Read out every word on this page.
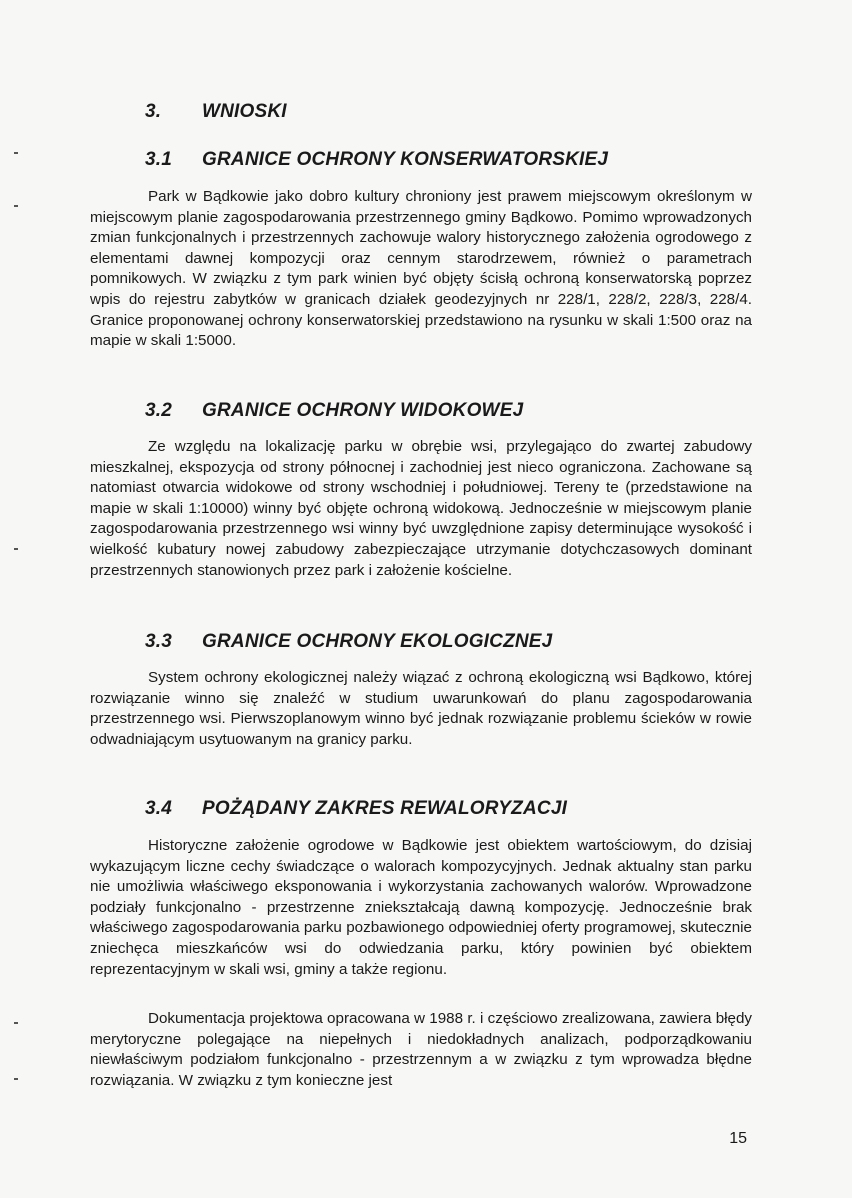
3. WNIOSKI
3.1 GRANICE OCHRONY KONSERWATORSKIEJ
Park w Bądkowie jako dobro kultury chroniony jest prawem miejscowym określonym w miejscowym planie zagospodarowania przestrzennego gminy Bądkowo. Pomimo wprowadzonych zmian funkcjonalnych i przestrzennych zachowuje walory historycznego założenia ogrodowego z elementami dawnej kompozycji oraz cennym starodrzewem, również o parametrach pomnikowych. W związku z tym park winien być objęty ścisłą ochroną konserwatorską poprzez wpis do rejestru zabytków w granicach działek geodezyjnych nr 228/1, 228/2, 228/3, 228/4. Granice proponowanej ochrony konserwatorskiej przedstawiono na rysunku w skali 1:500 oraz na mapie w skali 1:5000.
3.2 GRANICE OCHRONY WIDOKOWEJ
Ze względu na lokalizację parku w obrębie wsi, przylegająco do zwartej zabudowy mieszkalnej, ekspozycja od strony północnej i zachodniej jest nieco ograniczona. Zachowane są natomiast otwarcia widokowe od strony wschodniej i południowej. Tereny te (przedstawione na mapie w skali 1:10000) winny być objęte ochroną widokową. Jednocześnie w miejscowym planie zagospodarowania przestrzennego wsi winny być uwzględnione zapisy determinujące wysokość i wielkość kubatury nowej zabudowy zabezpieczające utrzymanie dotychczasowych dominant przestrzennych stanowionych przez park i założenie kościelne.
3.3 GRANICE OCHRONY EKOLOGICZNEJ
System ochrony ekologicznej należy wiązać z ochroną ekologiczną wsi Bądkowo, której rozwiązanie winno się znaleźć w studium uwarunkowań do planu zagospodarowania przestrzennego wsi. Pierwszoplanowym winno być jednak rozwiązanie problemu ścieków w rowie odwadniającym usytuowanym na granicy parku.
3.4 POŻĄDANY ZAKRES REWALORYZACJI
Historyczne założenie ogrodowe w Bądkowie jest obiektem wartościowym, do dzisiaj wykazującym liczne cechy świadczące o walorach kompozycyjnych. Jednak aktualny stan parku nie umożliwia właściwego eksponowania i wykorzystania zachowanych walorów. Wprowadzone podziały funkcjonalno - przestrzenne zniekształcają dawną kompozycję. Jednocześnie brak właściwego zagospodarowania parku pozbawionego odpowiedniej oferty programowej, skutecznie zniechęca mieszkańców wsi do odwiedzania parku, który powinien być obiektem reprezentacyjnym w skali wsi, gminy a także regionu.
Dokumentacja projektowa opracowana w 1988 r. i częściowo zrealizowana, zawiera błędy merytoryczne polegające na niepełnych i niedokładnych analizach, podporządkowaniu niewłaściwym podziałom funkcjonalno - przestrzennym a w związku z tym wprowadza błędne rozwiązania. W związku z tym konieczne jest
15
